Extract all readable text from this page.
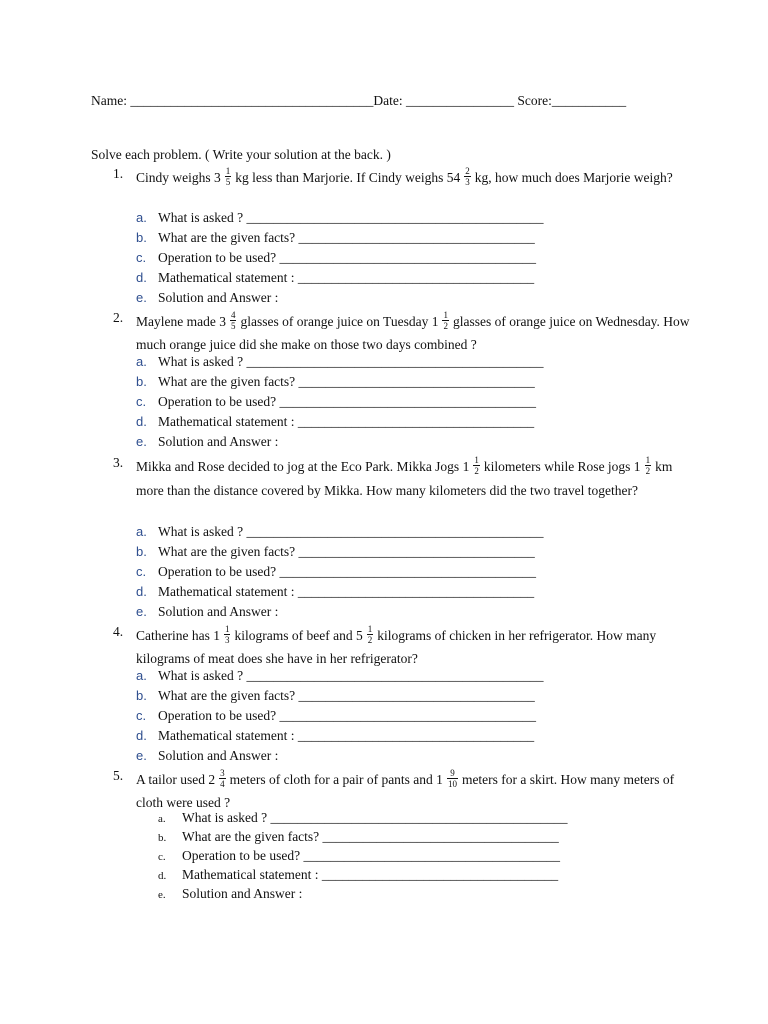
Name: ____________________________________Date: ________________ Score:___________
Solve each problem. ( Write your solution at the back. )
1. Cindy weighs $3 \frac{1}{5}$ kg less than Marjorie. If Cindy weighs $54 \frac{2}{3}$ kg, how much does Marjorie weigh?
a. What is asked ? ____________________________________________
b. What are the given facts? ___________________________________
c. Operation to be used? ______________________________________
d. Mathematical statement : ___________________________________
e. Solution and Answer :
2. Maylene made $3 \frac{4}{5}$ glasses of orange juice on Tuesday $1 \frac{1}{2}$ glasses of orange juice on Wednesday. How much orange juice did she make on those two days combined ?
a. What is asked ? ____________________________________________
b. What are the given facts? ___________________________________
c. Operation to be used? ______________________________________
d. Mathematical statement : ___________________________________
e. Solution and Answer :
3. Mikka and Rose decided to jog at the Eco Park. Mikka Jogs $1 \frac{1}{2}$ kilometers while Rose jogs $1 \frac{1}{2}$ km more than the distance covered by Mikka. How many kilometers did the two travel together?
a. What is asked ? ____________________________________________
b. What are the given facts? ___________________________________
c. Operation to be used? ______________________________________
d. Mathematical statement : ___________________________________
e. Solution and Answer :
4. Catherine has $1 \frac{1}{3}$ kilograms of beef and $5 \frac{1}{2}$ kilograms of chicken in her refrigerator. How many kilograms of meat does she have in her refrigerator?
a. What is asked ? ____________________________________________
b. What are the given facts? ___________________________________
c. Operation to be used? ______________________________________
d. Mathematical statement : ___________________________________
e. Solution and Answer :
5. A tailor used $2 \frac{3}{4}$ meters of cloth for a pair of pants and $1 \frac{9}{10}$ meters for a skirt. How many meters of cloth were used ?
a. What is asked ? ____________________________________________
b. What are the given facts? ___________________________________
c. Operation to be used? ______________________________________
d. Mathematical statement : ___________________________________
e. Solution and Answer :
